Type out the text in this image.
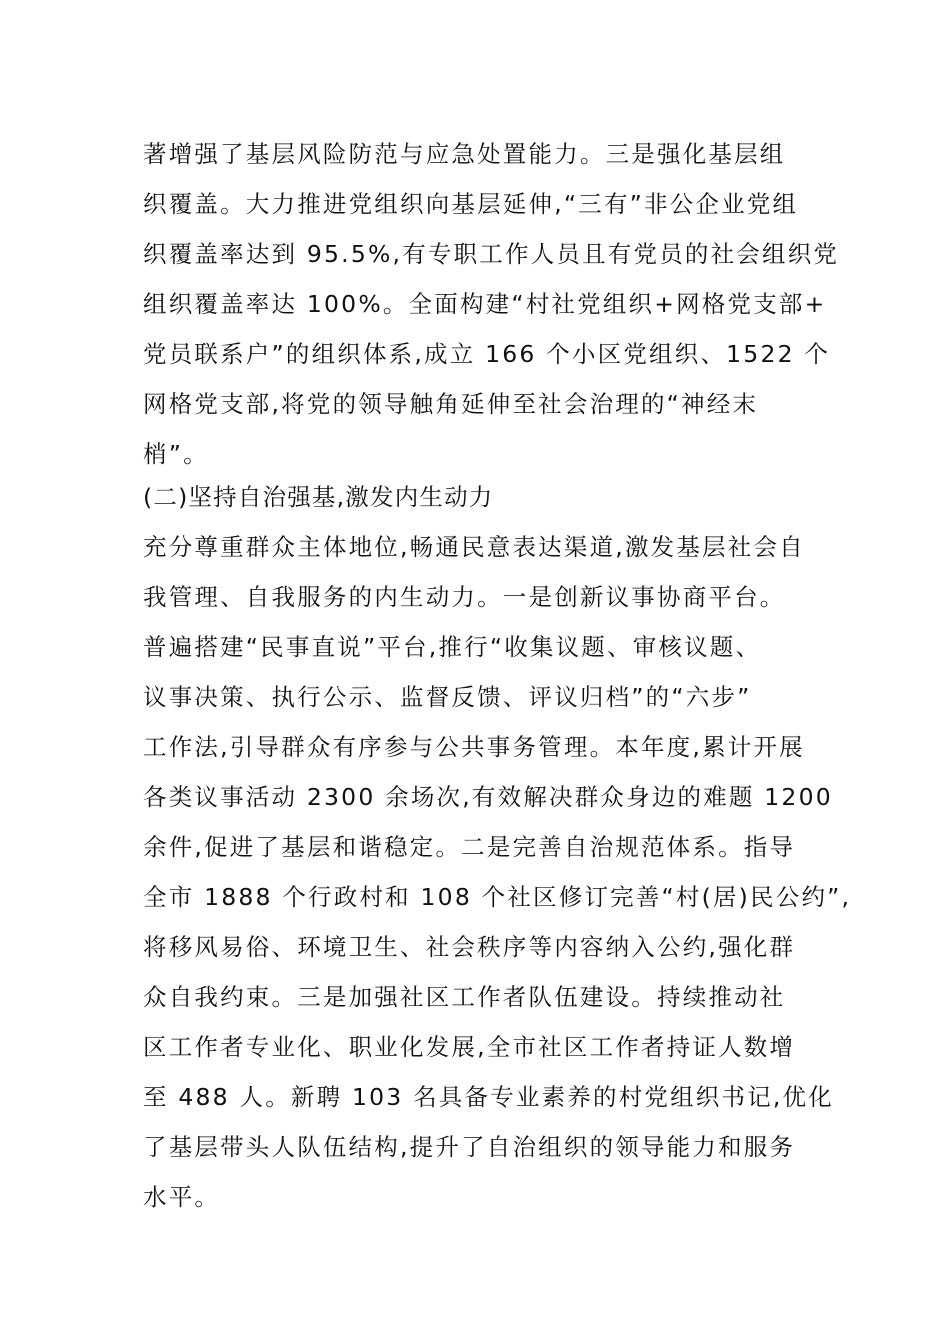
著增强了基层风险防范与应急处置能力。三是强化基层组
织覆盖。大力推进党组织向基层延伸,“三有”非公企业党组
织覆盖率达到 95.5%,有专职工作人员且有党员的社会组织党
组织覆盖率达 100%。全面构建“村社党组织+网格党支部+
党员联系户”的组织体系,成立 166 个小区党组织、1522 个
网格党支部,将党的领导触角延伸至社会治理的“神经末
梢”。
(二)坚持自治强基,激发内生动力
充分尊重群众主体地位,畅通民意表达渠道,激发基层社会自
我管理、自我服务的内生动力。一是创新议事协商平台。
普遍搭建“民事直说”平台,推行“收集议题、审核议题、
议事决策、执行公示、监督反馈、评议归档”的“六步”
工作法,引导群众有序参与公共事务管理。本年度,累计开展
各类议事活动 2300 余场次,有效解决群众身边的难题 1200
余件,促进了基层和谐稳定。二是完善自治规范体系。指导
全市 1888 个行政村和 108 个社区修订完善“村(居)民公约”,
将移风易俗、环境卫生、社会秩序等内容纳入公约,强化群
众自我约束。三是加强社区工作者队伍建设。持续推动社
区工作者专业化、职业化发展,全市社区工作者持证人数增
至 488 人。新聘 103 名具备专业素养的村党组织书记,优化
了基层带头人队伍结构,提升了自治组织的领导能力和服务
水平。
